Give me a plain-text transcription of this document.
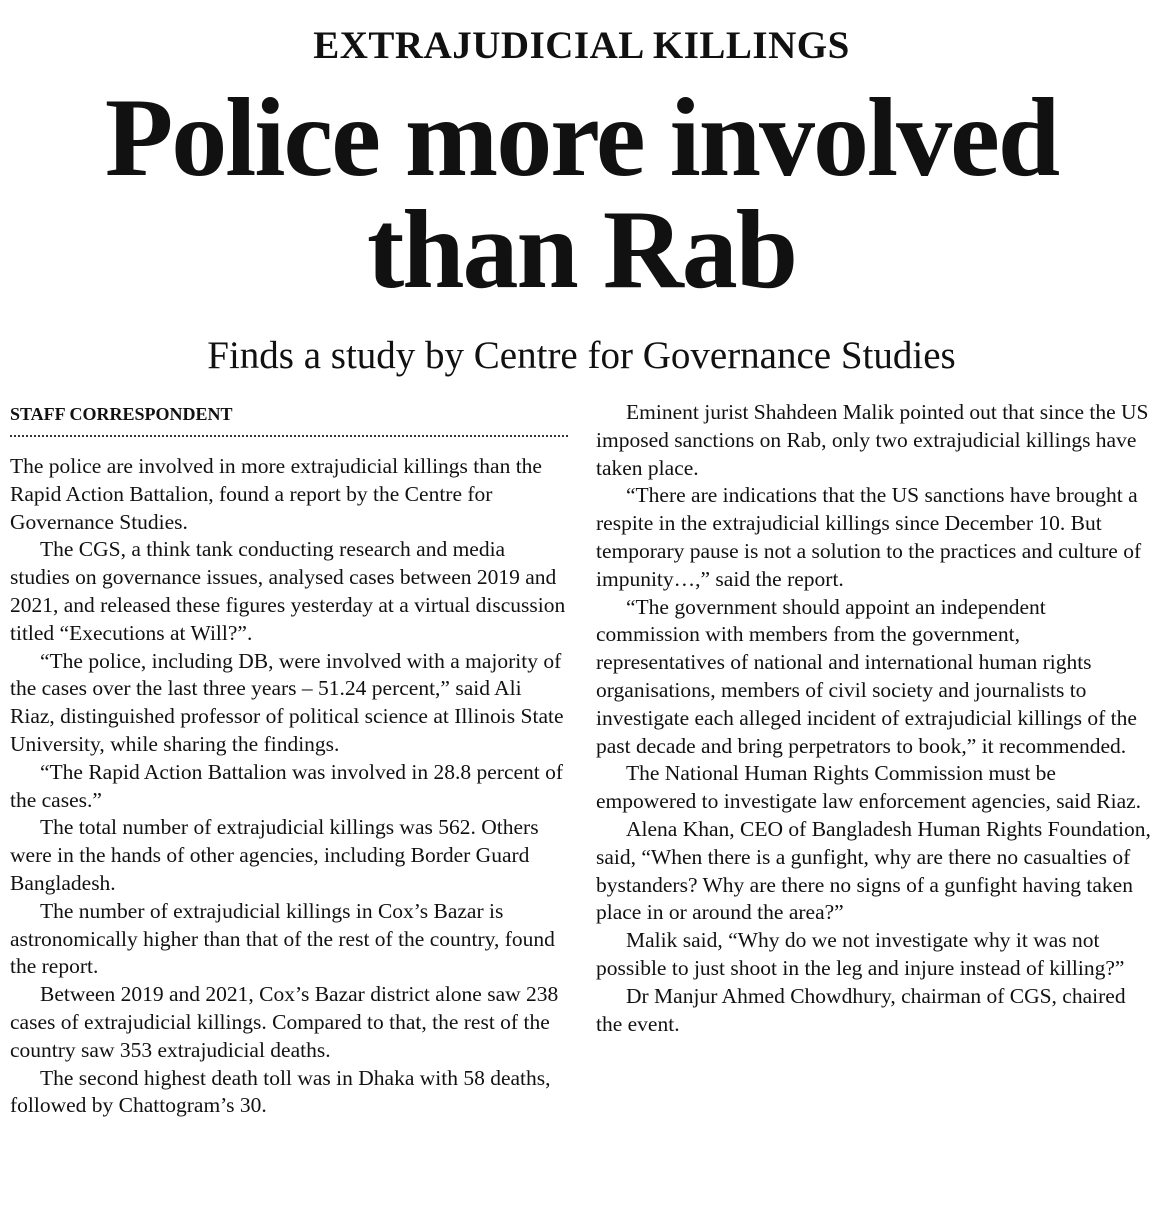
EXTRAJUDICIAL KILLINGS
Police more involved
than Rab
Finds a study by Centre for Governance Studies
STAFF CORRESPONDENT

The police are involved in more extrajudicial killings than the Rapid Action Battalion, found a report by the Centre for Governance Studies.

The CGS, a think tank conducting research and media studies on governance issues, analysed cases between 2019 and 2021, and released these figures yesterday at a virtual discussion titled “Executions at Will?”.

“The police, including DB, were involved with a majority of the cases over the last three years – 51.24 percent,” said Ali Riaz, distinguished professor of political science at Illinois State University, while sharing the findings.

“The Rapid Action Battalion was involved in 28.8 percent of the cases.”

The total number of extrajudicial killings was 562. Others were in the hands of other agencies, including Border Guard Bangladesh.

The number of extrajudicial killings in Cox’s Bazar is astronomically higher than that of the rest of the country, found the report.

Between 2019 and 2021, Cox’s Bazar district alone saw 238 cases of extrajudicial killings. Compared to that, the rest of the country saw 353 extrajudicial deaths.

The second highest death toll was in Dhaka with 58 deaths, followed by Chattogram’s 30.

Eminent jurist Shahdeen Malik pointed out that since the US imposed sanctions on Rab, only two extrajudicial killings have taken place.

“There are indications that the US sanctions have brought a respite in the extrajudicial killings since December 10. But temporary pause is not a solution to the practices and culture of impunity…,” said the report.

“The government should appoint an independent commission with members from the government, representatives of national and international human rights organisations, members of civil society and journalists to investigate each alleged incident of extrajudicial killings of the past decade and bring perpetrators to book,” it recommended.

The National Human Rights Commission must be empowered to investigate law enforcement agencies, said Riaz.

Alena Khan, CEO of Bangladesh Human Rights Foundation, said, “When there is a gunfight, why are there no casualties of bystanders? Why are there no signs of a gunfight having taken place in or around the area?”

Malik said, “Why do we not investigate why it was not possible to just shoot in the leg and injure instead of killing?”

Dr Manjur Ahmed Chowdhury, chairman of CGS, chaired the event.
